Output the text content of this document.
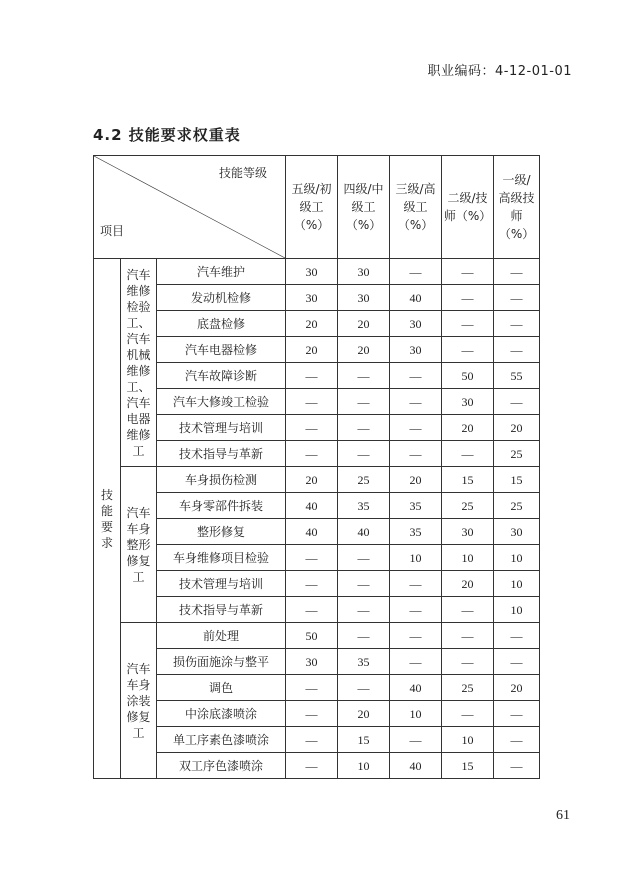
职业编码：4-12-01-01
4.2 技能要求权重表
技能等级
项目			五级/初级工（%）	四级/中级工（%）	三级/高级工（%）	二级/技师（%）	一级/高级技师（%）
技能要求	汽车维修检验工、汽车机械维修工、汽车电器维修工	汽车维护	30	30	—	—	—
		发动机检修	30	30	40	—	—
		底盘检修	20	20	30	—	—
		汽车电器检修	20	20	30	—	—
		汽车故障诊断	—	—	—	50	55
		汽车大修竣工检验	—	—	—	30	—
		技术管理与培训	—	—	—	20	20
		技术指导与革新	—	—	—	—	25
	汽车车身整形修复工	车身损伤检测	20	25	20	15	15
		车身零部件拆装	40	35	35	25	25
		整形修复	40	40	35	30	30
		车身维修项目检验	—	—	10	10	10
		技术管理与培训	—	—	—	20	10
		技术指导与革新	—	—	—	—	10
	汽车车身涂装修复工	前处理	50	—	—	—	—
		损伤面施涂与整平	30	35	—	—	—
		调色	—	—	40	25	20
		中涂底漆喷涂	—	20	10	—	—
		单工序素色漆喷涂	—	15	—	10	—
		双工序色漆喷涂	—	10	40	15	—
61
